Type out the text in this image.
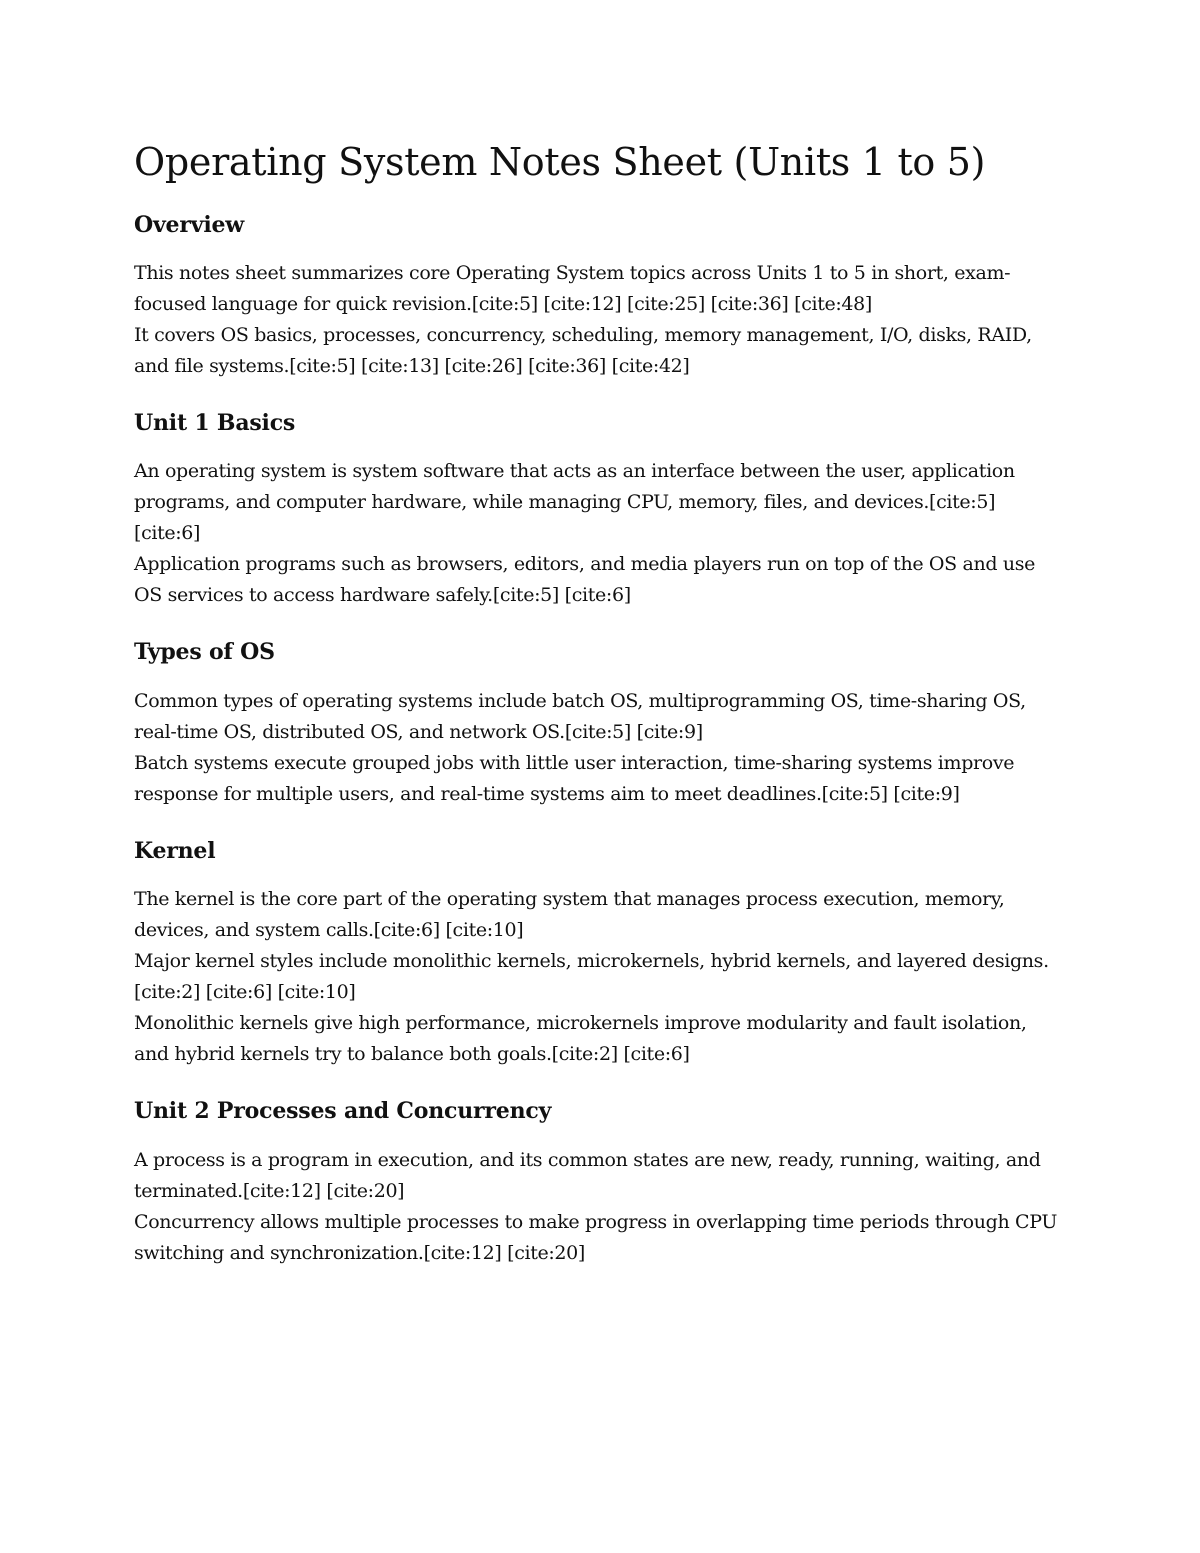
Operating System Notes Sheet (Units 1 to 5)
Overview

This notes sheet summarizes core Operating System topics across Units 1 to 5 in short, exam-focused language for quick revision.[cite:5] [cite:12] [cite:25] [cite:36] [cite:48]

It covers OS basics, processes, concurrency, scheduling, memory management, I/O, disks, RAID, and file systems.[cite:5] [cite:13] [cite:26] [cite:36] [cite:42]

Unit 1 Basics

An operating system is system software that acts as an interface between the user, application programs, and computer hardware, while managing CPU, memory, files, and devices.[cite:5] [cite:6]

Application programs such as browsers, editors, and media players run on top of the OS and use OS services to access hardware safely.[cite:5] [cite:6]

Types of OS

Common types of operating systems include batch OS, multiprogramming OS, time-sharing OS, real-time OS, distributed OS, and network OS.[cite:5] [cite:9]

Batch systems execute grouped jobs with little user interaction, time-sharing systems improve response for multiple users, and real-time systems aim to meet deadlines.[cite:5] [cite:9]

Kernel

The kernel is the core part of the operating system that manages process execution, memory, devices, and system calls.[cite:6] [cite:10]

Major kernel styles include monolithic kernels, microkernels, hybrid kernels, and layered designs.[cite:2] [cite:6] [cite:10]

Monolithic kernels give high performance, microkernels improve modularity and fault isolation, and hybrid kernels try to balance both goals.[cite:2] [cite:6]

Unit 2 Processes and Concurrency

A process is a program in execution, and its common states are new, ready, running, waiting, and terminated.[cite:12] [cite:20]

Concurrency allows multiple processes to make progress in overlapping time periods through CPU switching and synchronization.[cite:12] [cite:20]
